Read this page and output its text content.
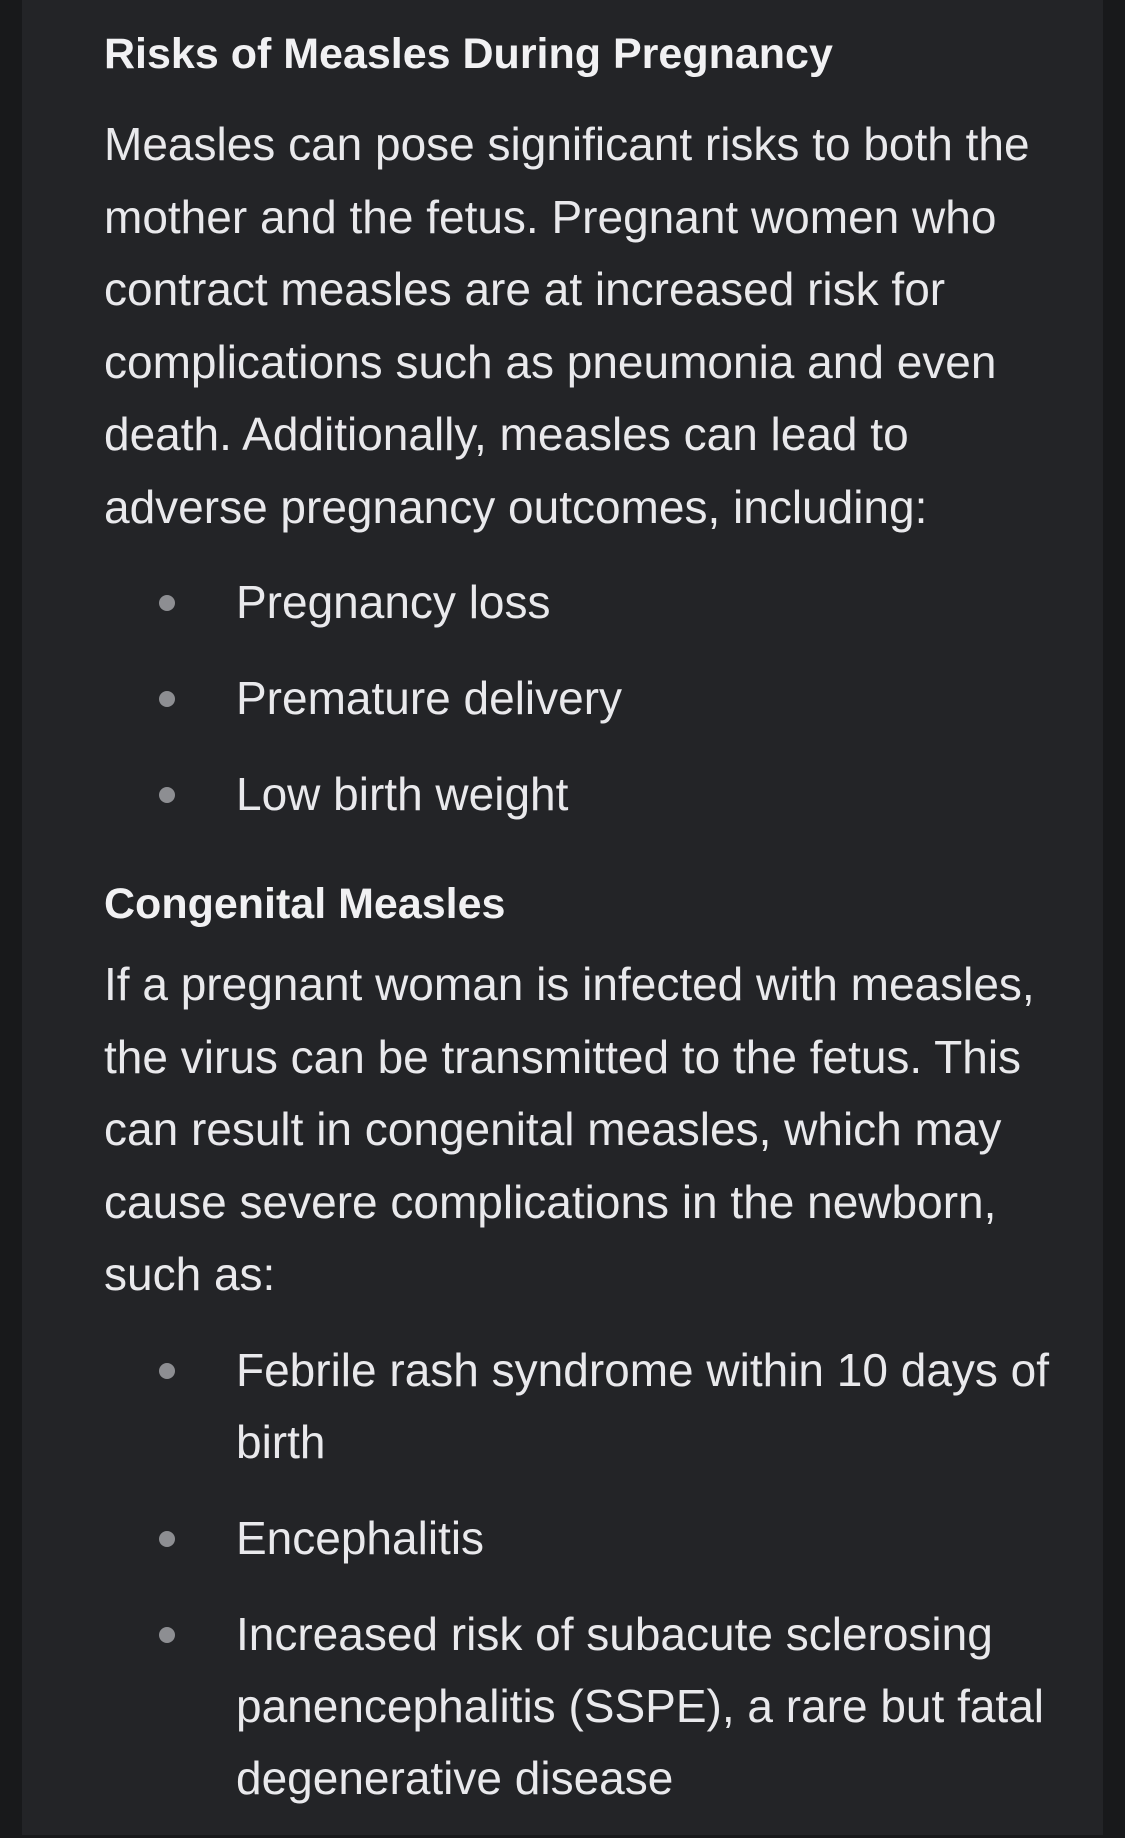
Risks of Measles During Pregnancy

Measles can pose significant risks to both the mother and the fetus. Pregnant women who contract measles are at increased risk for complications such as pneumonia and even death. Additionally, measles can lead to adverse pregnancy outcomes, including:

Pregnancy loss
Premature delivery
Low birth weight
Congenital Measles

If a pregnant woman is infected with measles, the virus can be transmitted to the fetus. This can result in congenital measles, which may cause severe complications in the newborn, such as:

Febrile rash syndrome within 10 days of birth
Encephalitis
Increased risk of subacute sclerosing panencephalitis (SSPE), a rare but fatal degenerative disease
